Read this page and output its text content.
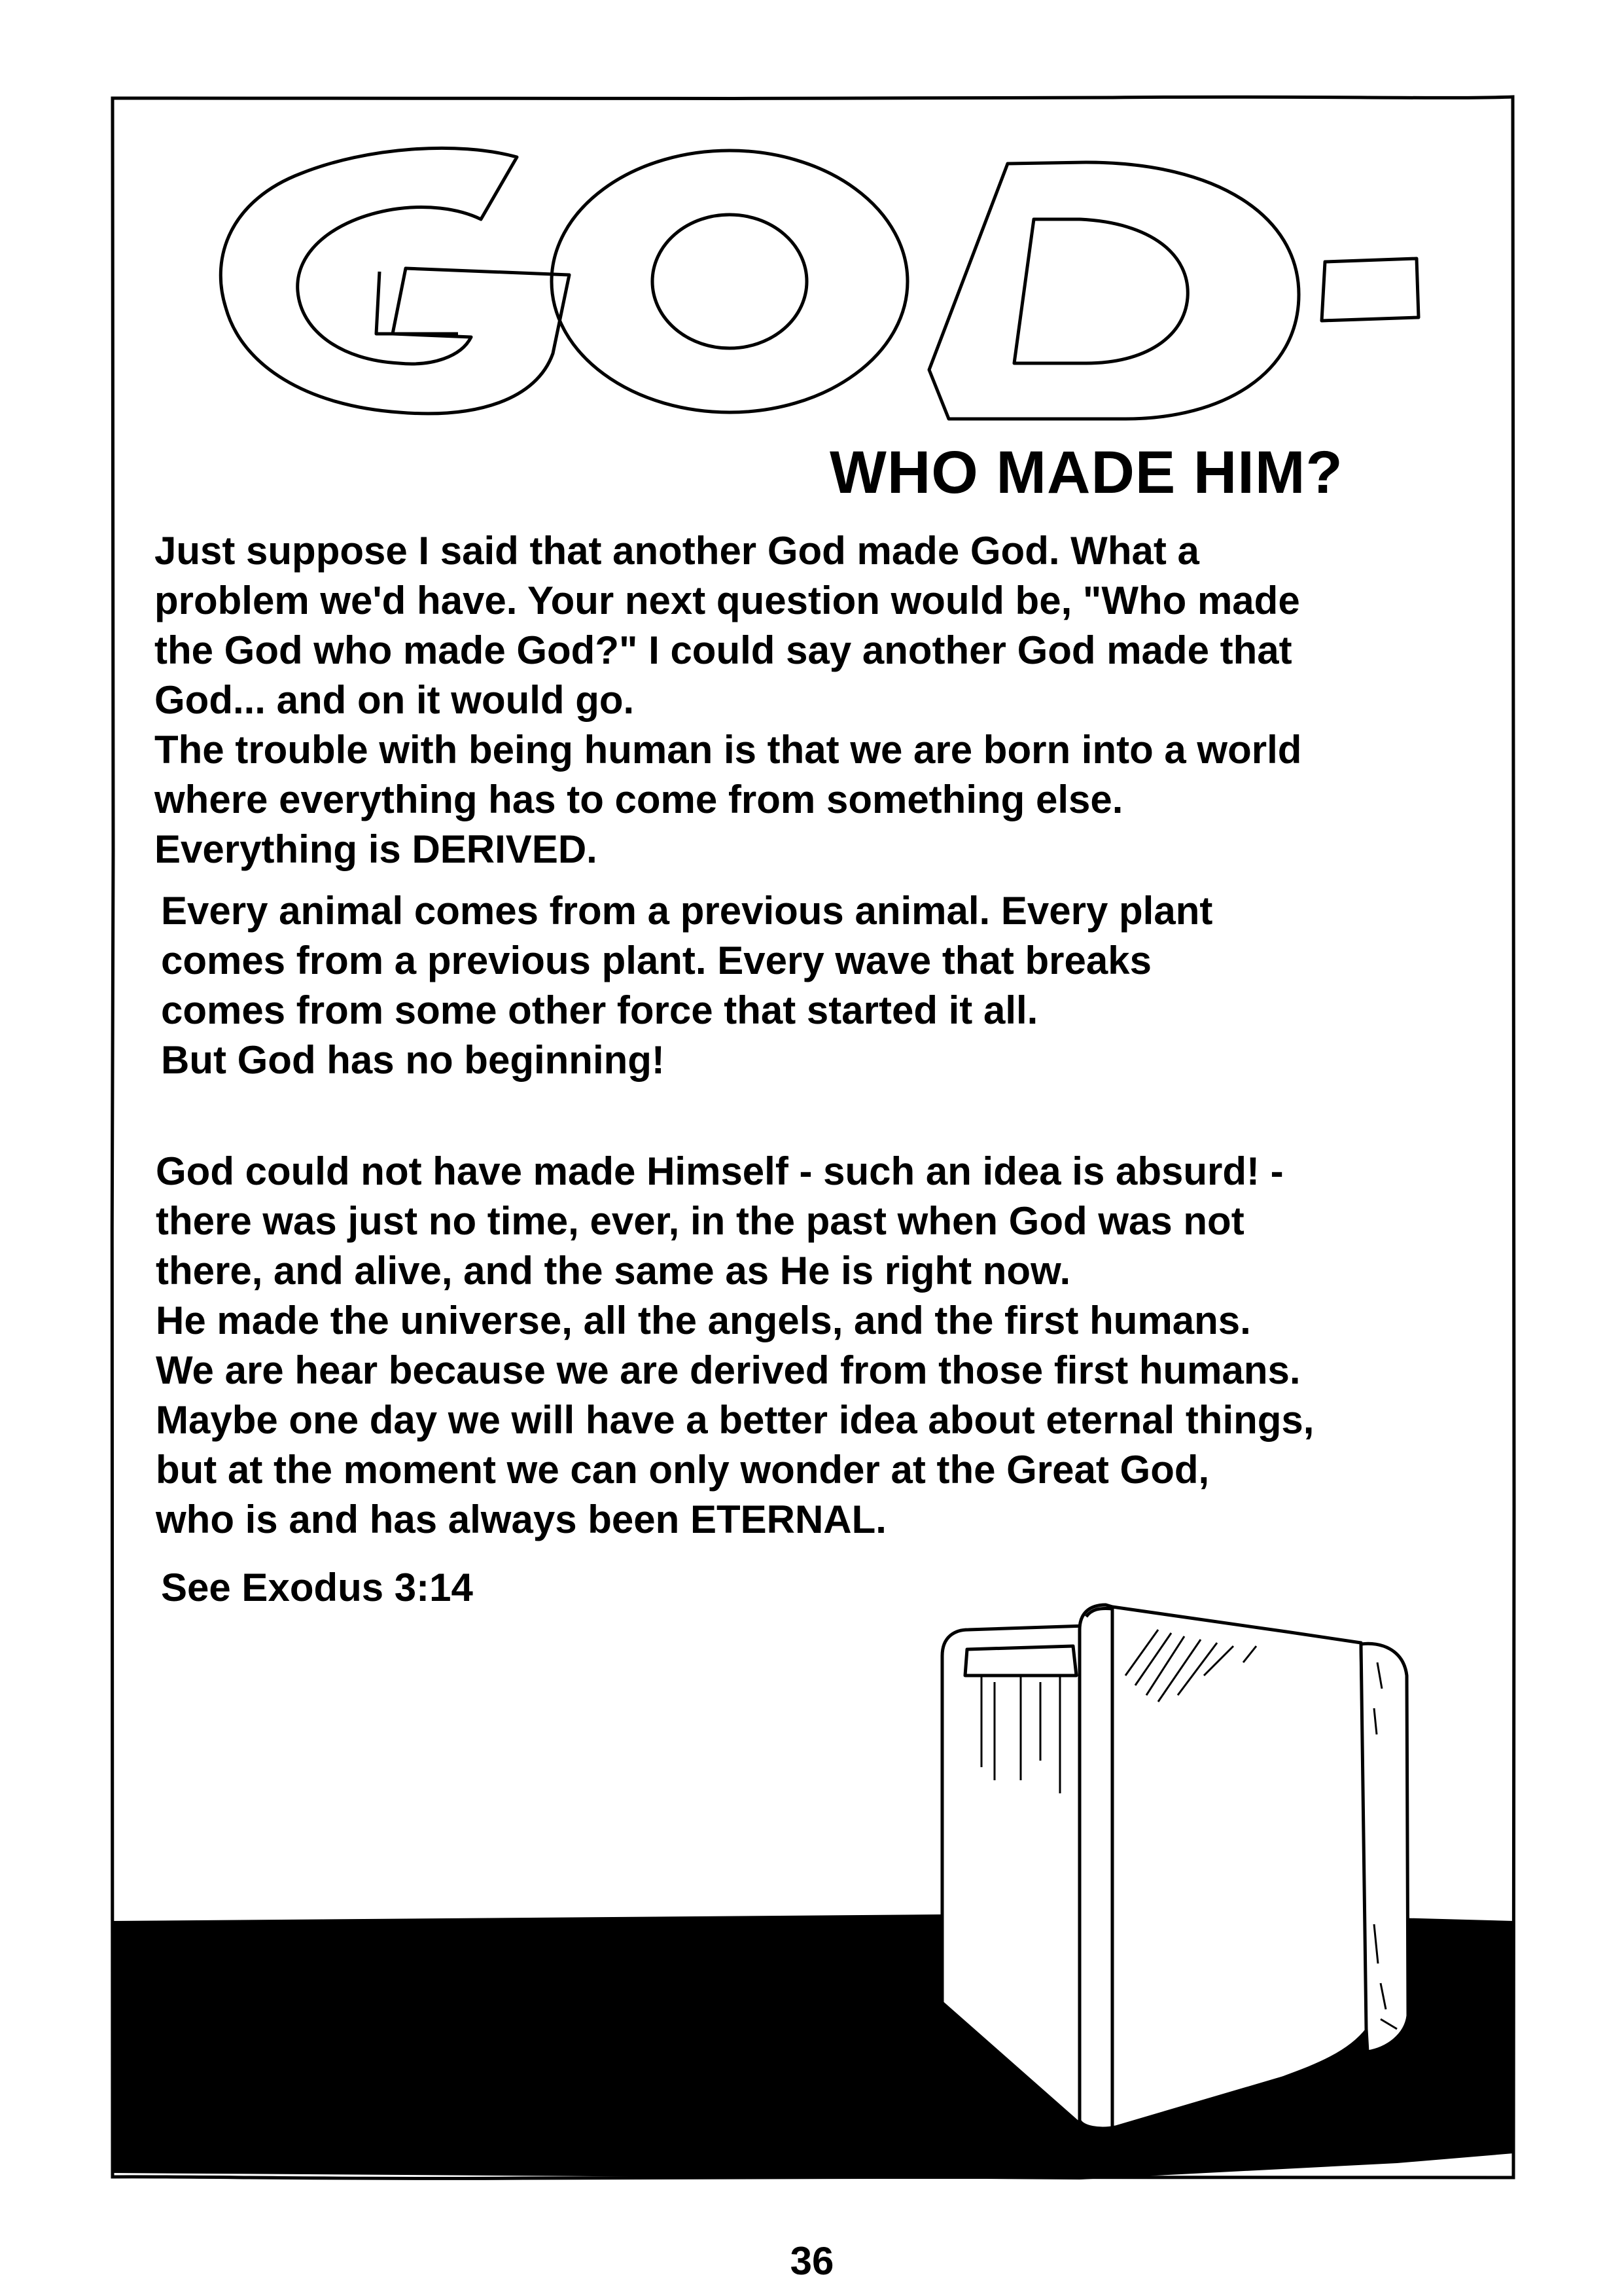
WHO MADE HIM?
Just suppose I said that another God made God. What a
problem we'd have. Your next question would be, "Who made
the God who made God?" I could say another God made that
God... and on it would go.
The trouble with being human is that we are born into a world
where everything has to come from something else.
Everything is DERIVED.
Every animal comes from a previous animal. Every plant
comes from a previous plant. Every wave that breaks
comes from some other force that started it all.
But God has no beginning!
God could not have made Himself - such an idea is absurd! -
there was just no time, ever, in the past when God was not
there, and alive, and the same as He is right now.
He made the universe, all the angels, and the first humans.
We are hear because we are derived from those first humans.
Maybe one day we will have a better idea about eternal things,
but at the moment we can only wonder at the Great God,
who is and has always been ETERNAL.

See Exodus 3:14

36
